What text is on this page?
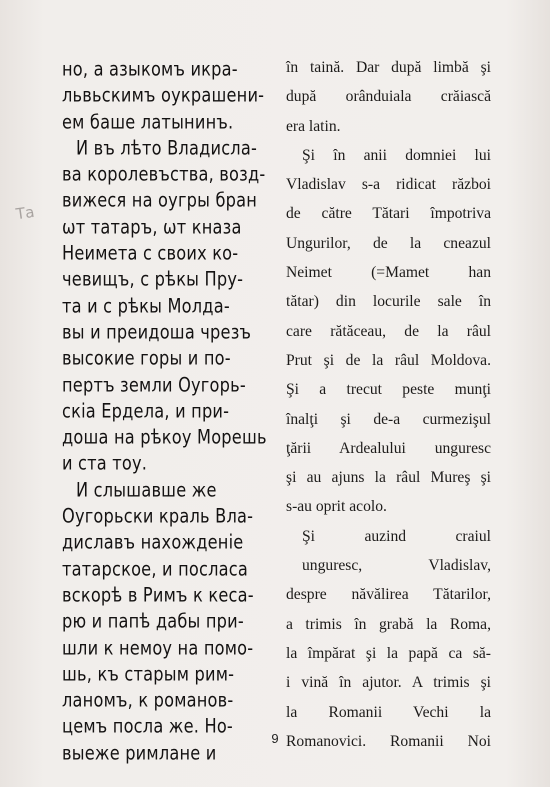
Та
но, а азыкомъ икра-
львьскимъ оукрашени-
ем баше латынинъ.
И въ лѣто Владисла-
ва королевъства, возд-
вижеся на оугры бран
ѡт татаръ, ѡт кназа
Неимета с своих ко-
чевищъ, с рѣкы Пру-
та и с рѣкы Молда-
вы и преидоша чрезъ
высокие горы и по-
пертъ земли Оугорь-
скіа Ердела, и при-
доша на рѣкоу Морешь
и ста тоу.
И слышавше же
Оугорьски краль Вла-
диславъ нахожденіе
татарское, и посласа
вскорѣ в Римъ к кеса-
рю и папѣ дабы при-
шли к немоу на помо-
шь, къ старым рим-
ланомъ, к романов-
цемъ посла же. Но-
выеже римлане и
în taină. Dar după limbă şi
după orânduiala crăiască
era latin.
Şi în anii domniei lui
Vladislav s-a ridicat război
de către Tătari împotriva
Ungurilor, de la cneazul
Neimet (=Mamet han
tătar) din locurile sale în
care rătăceau, de la râul
Prut şi de la râul Moldova.
Şi a trecut peste munţi
înalţi şi de-a curmezişul
ţării Ardealului unguresc
şi au ajuns la râul Mureş şi
s-au oprit acolo.
Şi auzind craiul
unguresc, Vladislav,
despre năvălirea Tătarilor,
a trimis în grabă la Roma,
la împărat şi la papă ca să-
i vină în ajutor. A trimis şi
la Romanii Vechi la
Romanovici. Romanii Noi
9
